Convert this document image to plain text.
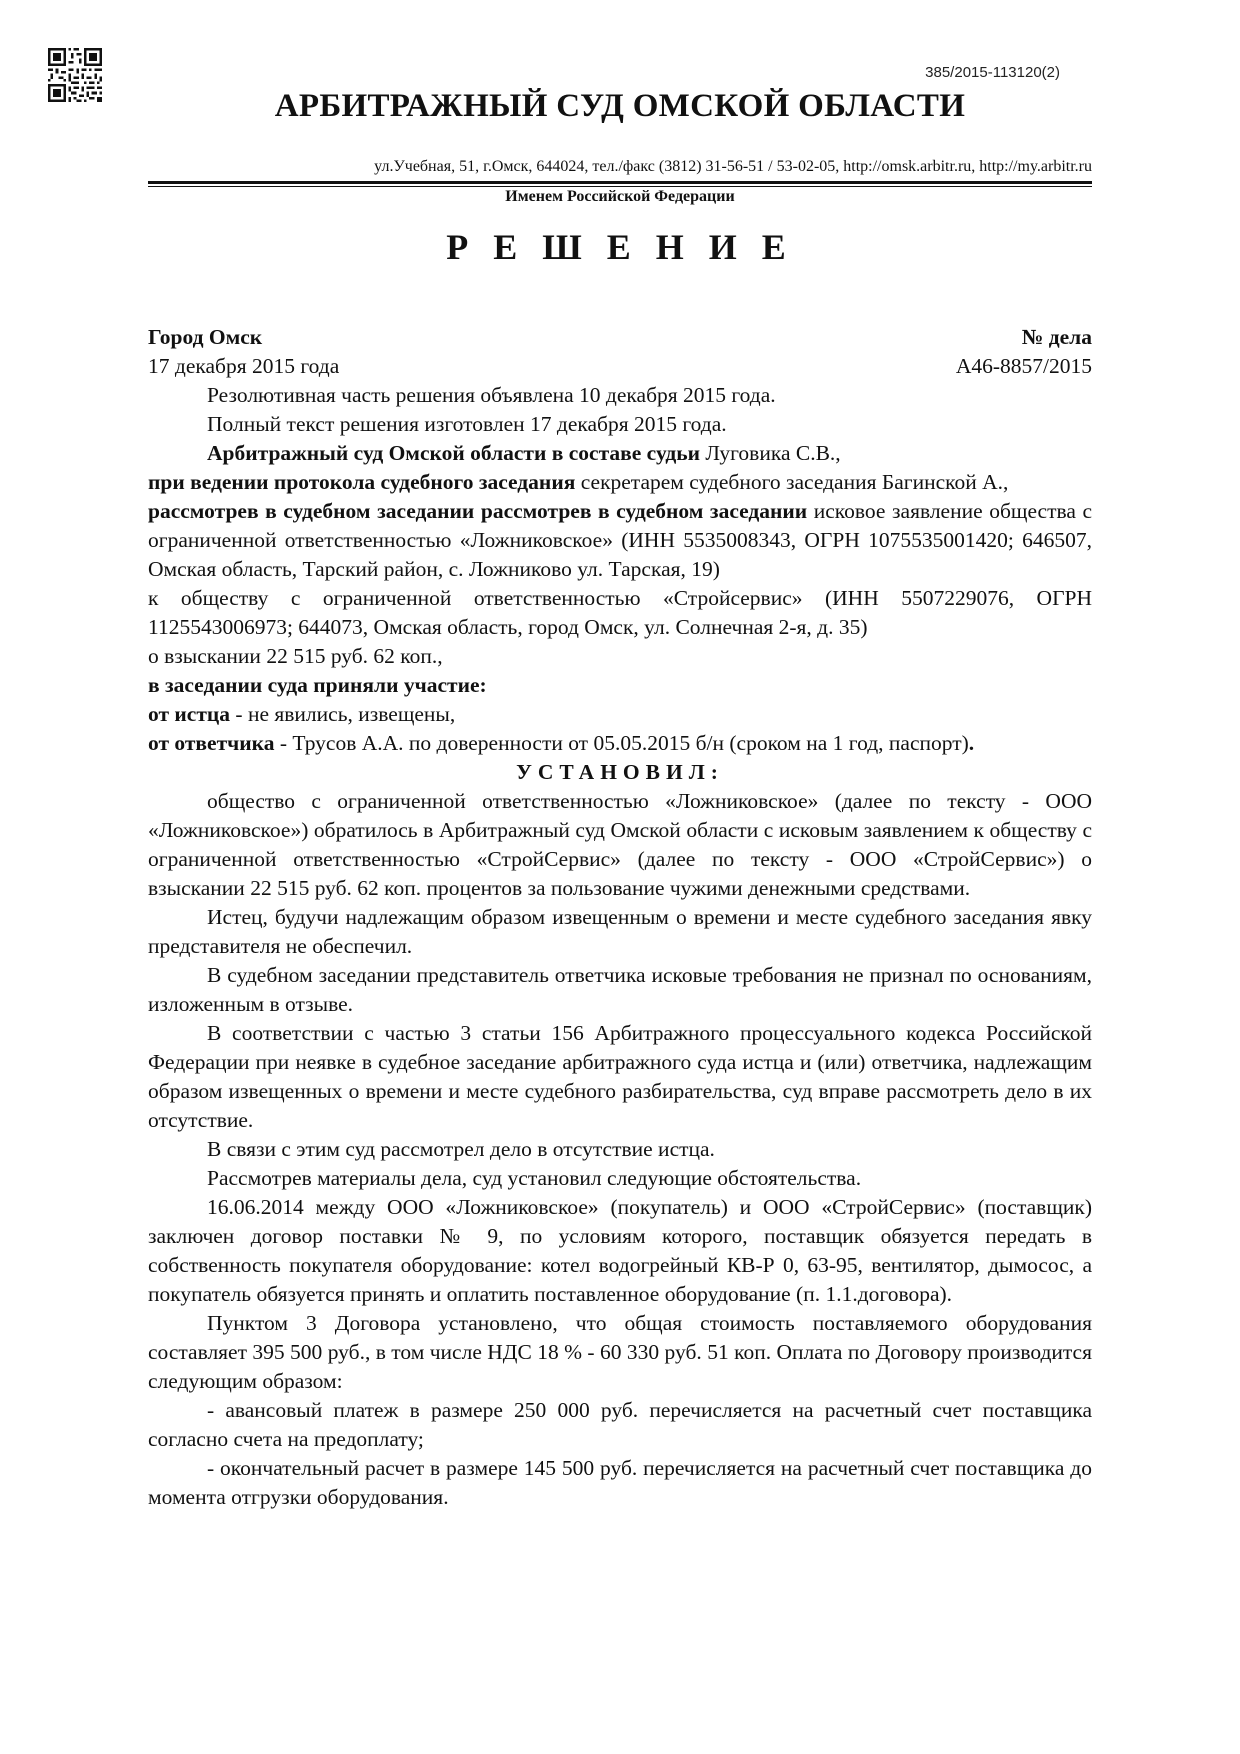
385/2015-113120(2)
АРБИТРАЖНЫЙ СУД ОМСКОЙ ОБЛАСТИ
ул.Учебная, 51, г.Омск, 644024, тел./факс (3812) 31-56-51 / 53-02-05, http://omsk.arbitr.ru, http://my.arbitr.ru
Именем Российской Федерации
Р Е Ш Е Н И Е
Город Омск	№ дела
17 декабря 2015 года	А46-8857/2015

Резолютивная часть решения объявлена 10 декабря 2015 года.

Полный текст решения изготовлен 17 декабря 2015 года.

Арбитражный суд Омской области в составе судьи Луговика С.В.,

при ведении протокола судебного заседания секретарем судебного заседания Багинской А.,

рассмотрев в судебном заседании рассмотрев в судебном заседании исковое заявление общества с ограниченной ответственностью «Ложниковское» (ИНН 5535008343, ОГРН 1075535001420; 646507, Омская область, Тарский район, с. Ложниково ул. Тарская, 19)

к обществу с ограниченной ответственностью «Стройсервис» (ИНН 5507229076, ОГРН 1125543006973; 644073, Омская область, город Омск, ул. Солнечная 2-я, д. 35)

о взыскании 22 515 руб. 62 коп.,

в заседании суда приняли участие:

от истца - не явились, извещены,

от ответчика - Трусов А.А. по доверенности от 05.05.2015 б/н (сроком на 1 год, паспорт).

УСТАНОВИЛ:

общество с ограниченной ответственностью «Ложниковское» (далее по тексту - ООО «Ложниковское») обратилось в Арбитражный суд Омской области с исковым заявлением к обществу с ограниченной ответственностью «СтройСервис» (далее по тексту - ООО «СтройСервис») о взыскании 22 515 руб. 62 коп. процентов за пользование чужими денежными средствами.

Истец, будучи надлежащим образом извещенным о времени и месте судебного заседания явку представителя не обеспечил.

В судебном заседании представитель ответчика исковые требования не признал по основаниям, изложенным в отзыве.

В соответствии с частью 3 статьи 156 Арбитражного процессуального кодекса Российской Федерации при неявке в судебное заседание арбитражного суда истца и (или) ответчика, надлежащим образом извещенных о времени и месте судебного разбирательства, суд вправе рассмотреть дело в их отсутствие.

В связи с этим суд рассмотрел дело в отсутствие истца.

Рассмотрев материалы дела, суд установил следующие обстоятельства.

16.06.2014 между ООО «Ложниковское» (покупатель) и ООО «СтройСервис» (поставщик) заключен договор поставки № 9, по условиям которого, поставщик обязуется передать в собственность покупателя оборудование: котел водогрейный КВ-Р 0, 63-95, вентилятор, дымосос, а покупатель обязуется принять и оплатить поставленное оборудование (п. 1.1.договора).

Пунктом 3 Договора установлено, что общая стоимость поставляемого оборудования составляет 395 500 руб., в том числе НДС 18 % - 60 330 руб. 51 коп. Оплата по Договору производится следующим образом:

- авансовый платеж в размере 250 000 руб. перечисляется на расчетный счет поставщика согласно счета на предоплату;

- окончательный расчет в размере 145 500 руб. перечисляется на расчетный счет поставщика до момента отгрузки оборудования.
